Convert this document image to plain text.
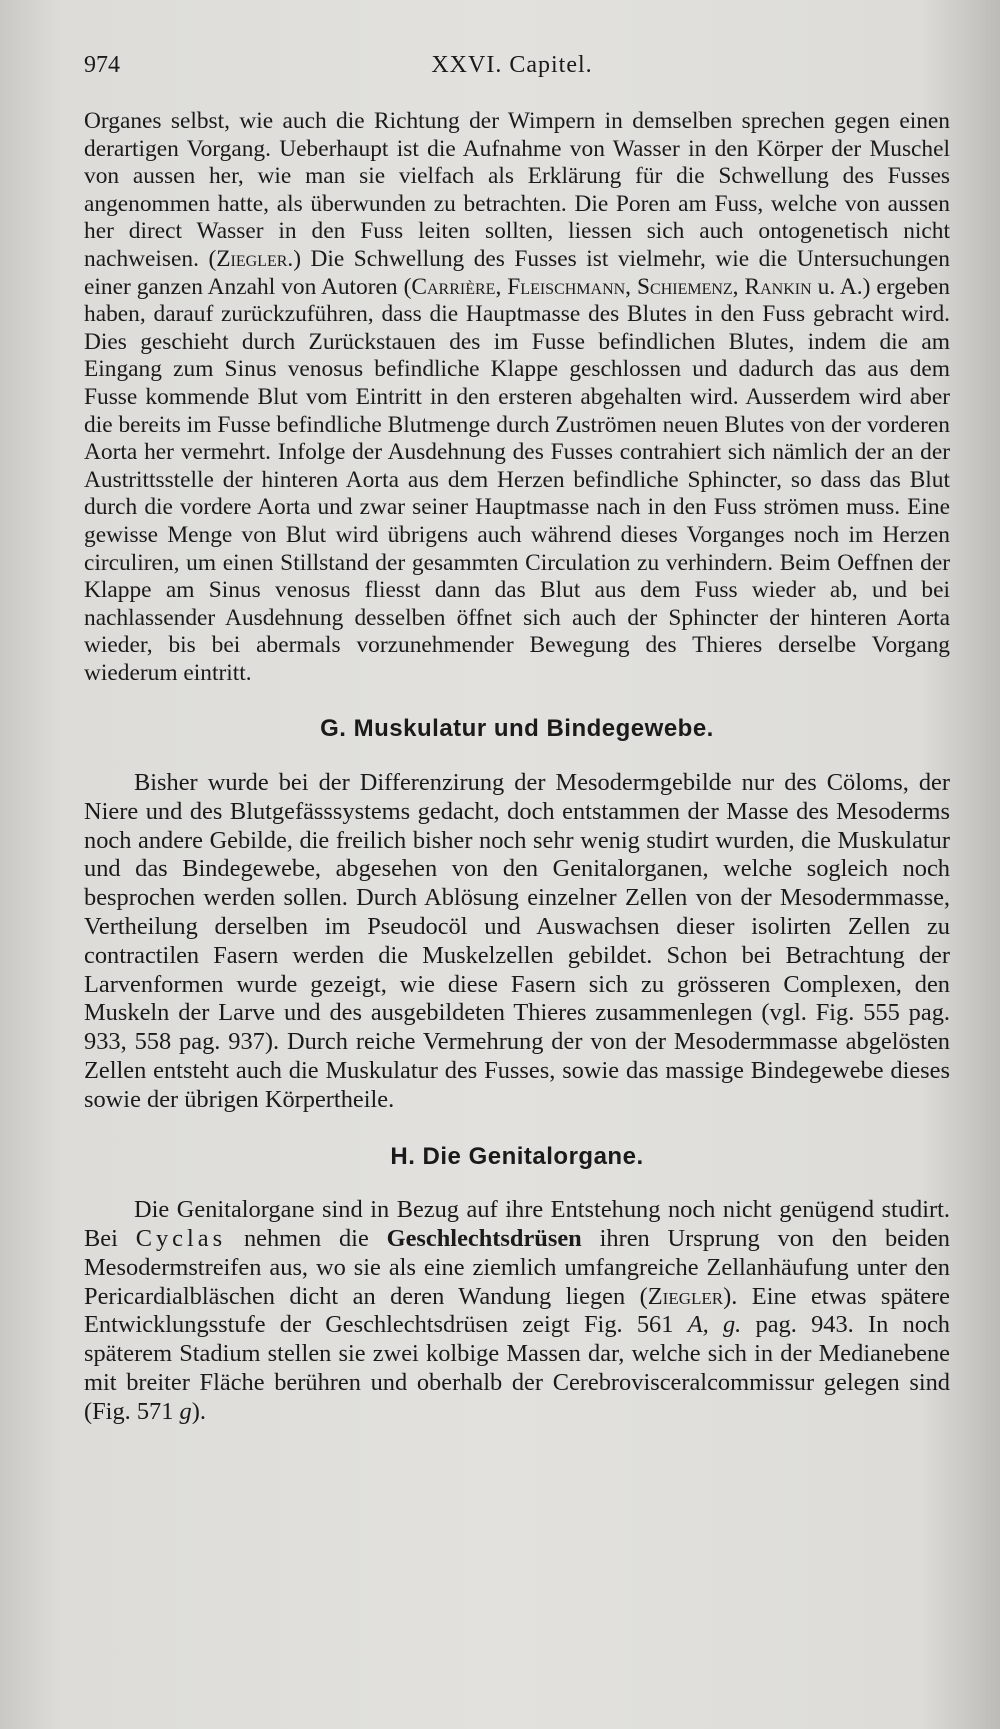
974	XXVI. Capitel.

Organes selbst, wie auch die Richtung der Wimpern in demselben sprechen gegen einen derartigen Vorgang. Ueberhaupt ist die Aufnahme von Wasser in den Körper der Muschel von aussen her, wie man sie vielfach als Erklärung für die Schwellung des Fusses angenommen hatte, als überwunden zu betrachten. Die Poren am Fuss, welche von aussen her direct Wasser in den Fuss leiten sollten, liessen sich auch ontogenetisch nicht nachweisen. (Ziegler.) Die Schwellung des Fusses ist vielmehr, wie die Untersuchungen einer ganzen Anzahl von Autoren (Carrière, Fleischmann, Schiemenz, Rankin u. A.) ergeben haben, darauf zurückzuführen, dass die Hauptmasse des Blutes in den Fuss gebracht wird. Dies geschieht durch Zurückstauen des im Fusse befindlichen Blutes, indem die am Eingang zum Sinus venosus befindliche Klappe geschlossen und dadurch das aus dem Fusse kommende Blut vom Eintritt in den ersteren abgehalten wird. Ausserdem wird aber die bereits im Fusse befindliche Blutmenge durch Zuströmen neuen Blutes von der vorderen Aorta her vermehrt. Infolge der Ausdehnung des Fusses contrahiert sich nämlich der an der Austrittsstelle der hinteren Aorta aus dem Herzen befindliche Sphincter, so dass das Blut durch die vordere Aorta und zwar seiner Hauptmasse nach in den Fuss strömen muss. Eine gewisse Menge von Blut wird übrigens auch während dieses Vorganges noch im Herzen circuliren, um einen Stillstand der gesammten Circulation zu verhindern. Beim Oeffnen der Klappe am Sinus venosus fliesst dann das Blut aus dem Fuss wieder ab, und bei nachlassender Ausdehnung desselben öffnet sich auch der Sphincter der hinteren Aorta wieder, bis bei abermals vorzunehmender Bewegung des Thieres derselbe Vorgang wiederum eintritt.

G. Muskulatur und Bindegewebe.

Bisher wurde bei der Differenzirung der Mesodermgebilde nur des Cöloms, der Niere und des Blutgefässsystems gedacht, doch entstammen der Masse des Mesoderms noch andere Gebilde, die freilich bisher noch sehr wenig studirt wurden, die Muskulatur und das Bindegewebe, abgesehen von den Genitalorganen, welche sogleich noch besprochen werden sollen. Durch Ablösung einzelner Zellen von der Mesodermmasse, Vertheilung derselben im Pseudocöl und Auswachsen dieser isolirten Zellen zu contractilen Fasern werden die Muskelzellen gebildet. Schon bei Betrachtung der Larvenformen wurde gezeigt, wie diese Fasern sich zu grösseren Complexen, den Muskeln der Larve und des ausgebildeten Thieres zusammenlegen (vgl. Fig. 555 pag. 933, 558 pag. 937). Durch reiche Vermehrung der von der Mesodermmasse abgelösten Zellen entsteht auch die Muskulatur des Fusses, sowie das massige Bindegewebe dieses sowie der übrigen Körpertheile.

H. Die Genitalorgane.

Die Genitalorgane sind in Bezug auf ihre Entstehung noch nicht genügend studirt. Bei Cyclas nehmen die Geschlechtsdrüsen ihren Ursprung von den beiden Mesodermstreifen aus, wo sie als eine ziemlich umfangreiche Zellanhäufung unter den Pericardialbläschen dicht an deren Wandung liegen (Ziegler). Eine etwas spätere Entwicklungsstufe der Geschlechtsdrüsen zeigt Fig. 561 A, g. pag. 943. In noch späterem Stadium stellen sie zwei kolbige Massen dar, welche sich in der Medianebene mit breiter Fläche berühren und oberhalb der Cerebrovisceralcommissur gelegen sind (Fig. 571 g).
